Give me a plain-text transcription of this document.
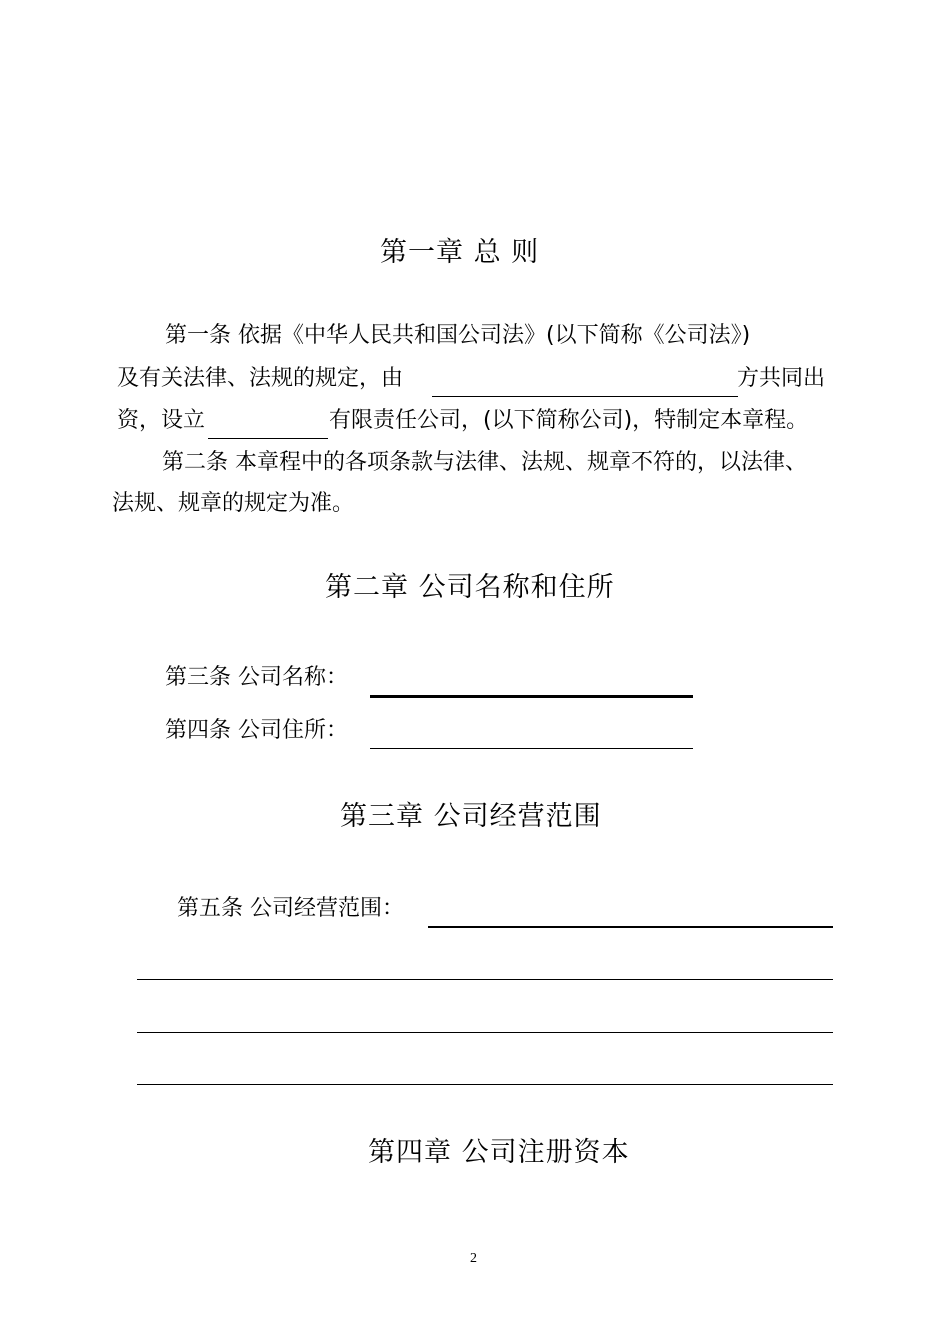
第一章 总 则
第一条 依据《中华人民共和国公司法》(以下简称《公司法》)
及有关法律、法规的规定，由	方共同出
资，设立	有限责任公司，(以下简称公司)，特制定本章程。
第二条 本章程中的各项条款与法律、法规、规章不符的，以法律、
法规、规章的规定为准。
第二章 公司名称和住所
第三条 公司名称：
第四条 公司住所：
第三章 公司经营范围
第五条 公司经营范围：
第四章 公司注册资本
2
